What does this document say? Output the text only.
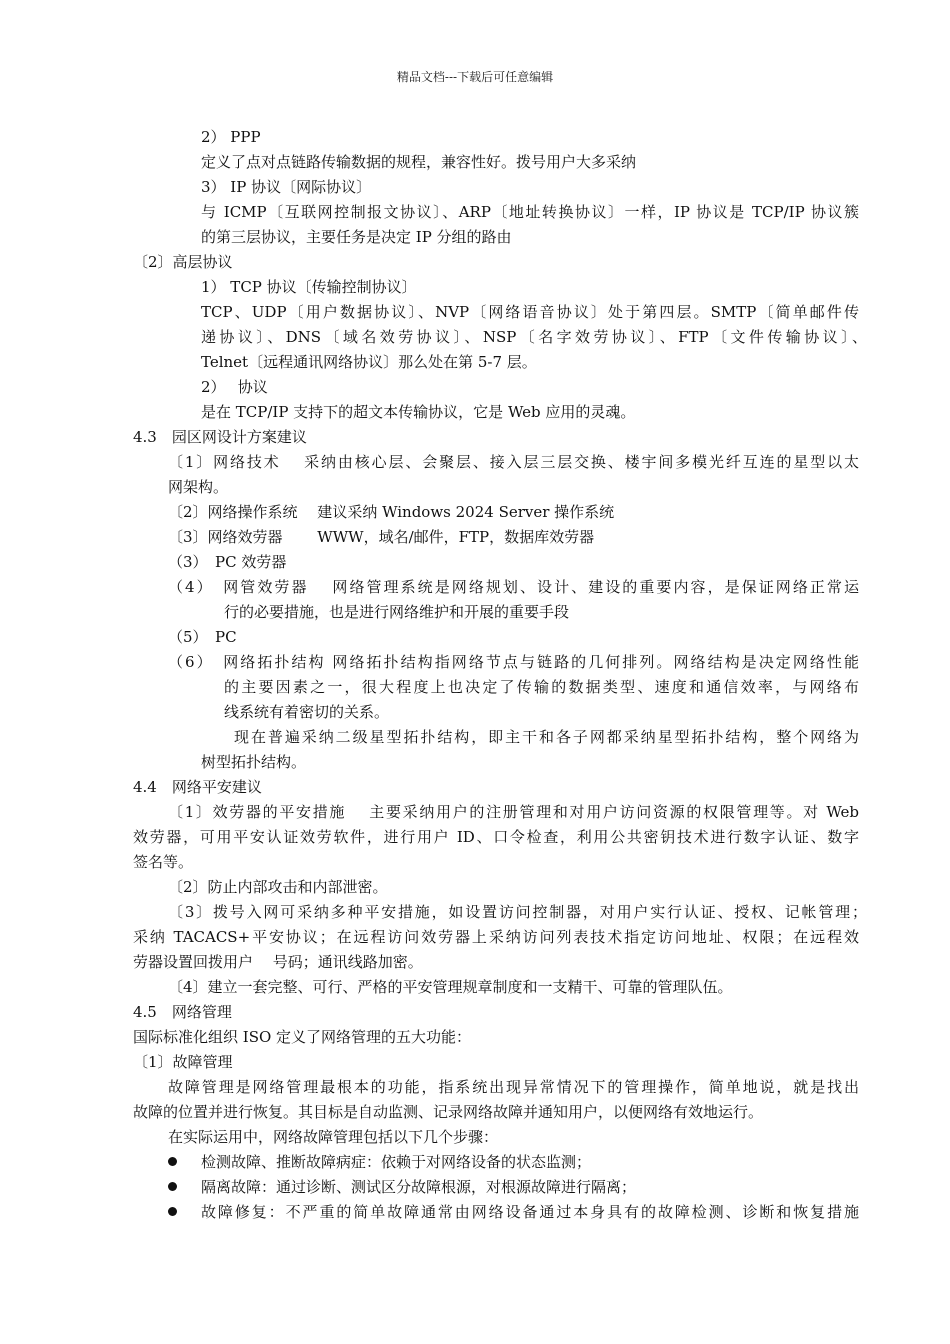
精品文档---下载后可任意编辑
2） PPP
定义了点对点链路传输数据的规程，兼容性好。拨号用户大多采纳
3） IP 协议〔网际协议〕
与 ICMP〔互联网控制报文协议〕、ARP〔地址转换协议〕一样，IP 协议是 TCP/IP 协议簇
的第三层协议，主要任务是决定 IP 分组的路由
〔2〕高层协议
1） TCP 协议〔传输控制协议〕
TCP、UDP〔用户数据协议〕、NVP〔网络语音协议〕处于第四层。SMTP〔简单邮件传
递协议〕、DNS〔域名效劳协议〕、NSP〔名字效劳协议〕、FTP〔文件传输协议〕、
Telnet〔远程通讯网络协议〕那么处在第 5-7 层。
2）　 协议
是在 TCP/IP 支持下的超文本传输协议，它是 Web 应用的灵魂。
4.3　园区网设计方案建议
〔1〕网络技术　 采纳由核心层、会聚层、接入层三层交换、楼宇间多模光纤互连的星型以太
网架构。
〔2〕网络操作系统　 建议采纳 Windows 2024 Server 操作系统
〔3〕网络效劳器　　 WWW，域名/邮件，FTP，数据库效劳器
（3）　PC 效劳器
（4）　网管效劳器　 网络管理系统是网络规划、设计、建设的重要内容，是保证网络正常运
行的必要措施，也是进行网络维护和开展的重要手段
（5）　PC
（6）　网络拓扑结构 网络拓扑结构指网络节点与链路的几何排列。网络结构是决定网络性能
的主要因素之一，很大程度上也决定了传输的数据类型、速度和通信效率，与网络布
线系统有着密切的关系。
现在普遍采纳二级星型拓扑结构，即主干和各子网都采纳星型拓扑结构，整个网络为
树型拓扑结构。
4.4　网络平安建议
〔1〕效劳器的平安措施　 主要采纳用户的注册管理和对用户访问资源的权限管理等。对 Web
效劳器，可用平安认证效劳软件，进行用户 ID、口令检查，利用公共密钥技术进行数字认证、数字
签名等。
〔2〕防止内部攻击和内部泄密。
〔3〕拨号入网可采纳多种平安措施，如设置访问控制器，对用户实行认证、授权、记帐管理；
采纳 TACACS+平安协议；在远程访问效劳器上采纳访问列表技术指定访问地址、权限；在远程效
劳器设置回拨用户　 号码；通讯线路加密。
〔4〕建立一套完整、可行、严格的平安管理规章制度和一支精干、可靠的管理队伍。
4.5　网络管理
国际标准化组织 ISO 定义了网络管理的五大功能：
〔1〕故障管理
故障管理是网络管理最根本的功能，指系统出现异常情况下的管理操作，简单地说，就是找出
故障的位置并进行恢复。其目标是自动监测、记录网络故障并通知用户，以便网络有效地运行。
在实际运用中，网络故障管理包括以下几个步骤：
检测故障、推断故障病症：依赖于对网络设备的状态监测；
隔离故障：通过诊断、测试区分故障根源，对根源故障进行隔离；
故障修复：不严重的简单故障通常由网络设备通过本身具有的故障检测、诊断和恢复措施
